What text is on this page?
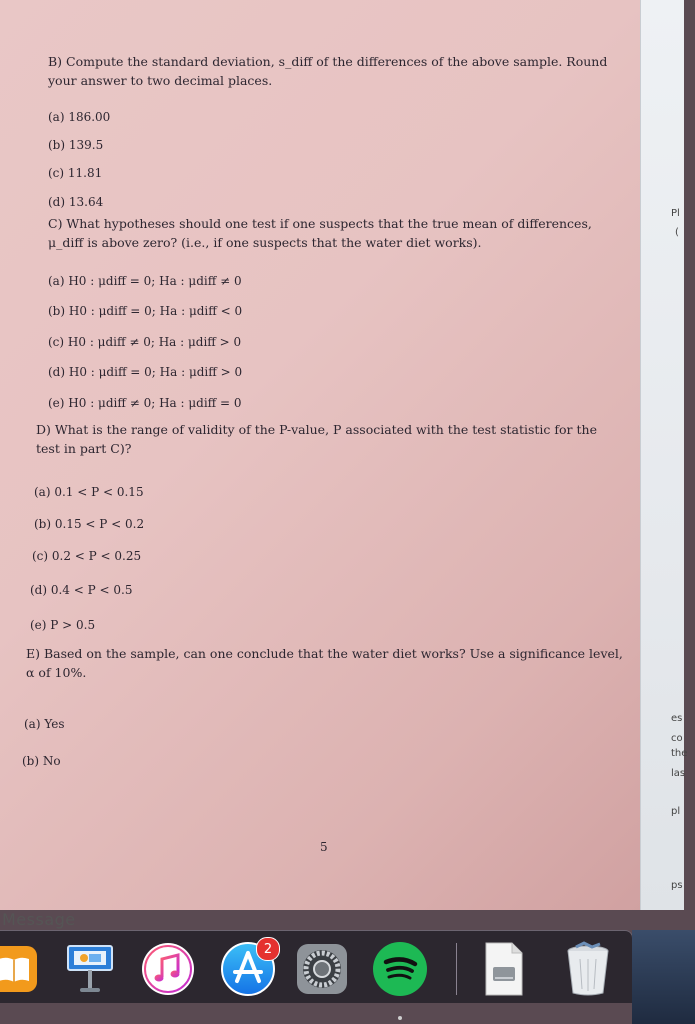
B) Compute the standard deviation, s_diff of the differences of the above sample. Round your answer to two decimal places.
(a) 186.00
(b) 139.5
(c) 11.81
(d) 13.64
C) What hypotheses should one test if one suspects that the true mean of differences, μ_diff is above zero? (i.e., if one suspects that the water diet works).
(a) H0 : μdiff = 0; Ha : μdiff ≠ 0
(b) H0 : μdiff = 0; Ha : μdiff < 0
(c) H0 : μdiff ≠ 0; Ha : μdiff > 0
(d) H0 : μdiff = 0; Ha : μdiff > 0
(e) H0 : μdiff ≠ 0; Ha : μdiff = 0
D) What is the range of validity of the P-value, P associated with the test statistic for the test in part C)?
(a) 0.1 < P < 0.15
(b) 0.15 < P < 0.2
(c) 0.2 < P < 0.25
(d) 0.4 < P < 0.5
(e) P > 0.5
E) Based on the sample, can one conclude that the water diet works? Use a significance level, α of 10%.
(a) Yes
(b) No
5
Pl
(
es
co
the
las
pl
ps
Message
2
